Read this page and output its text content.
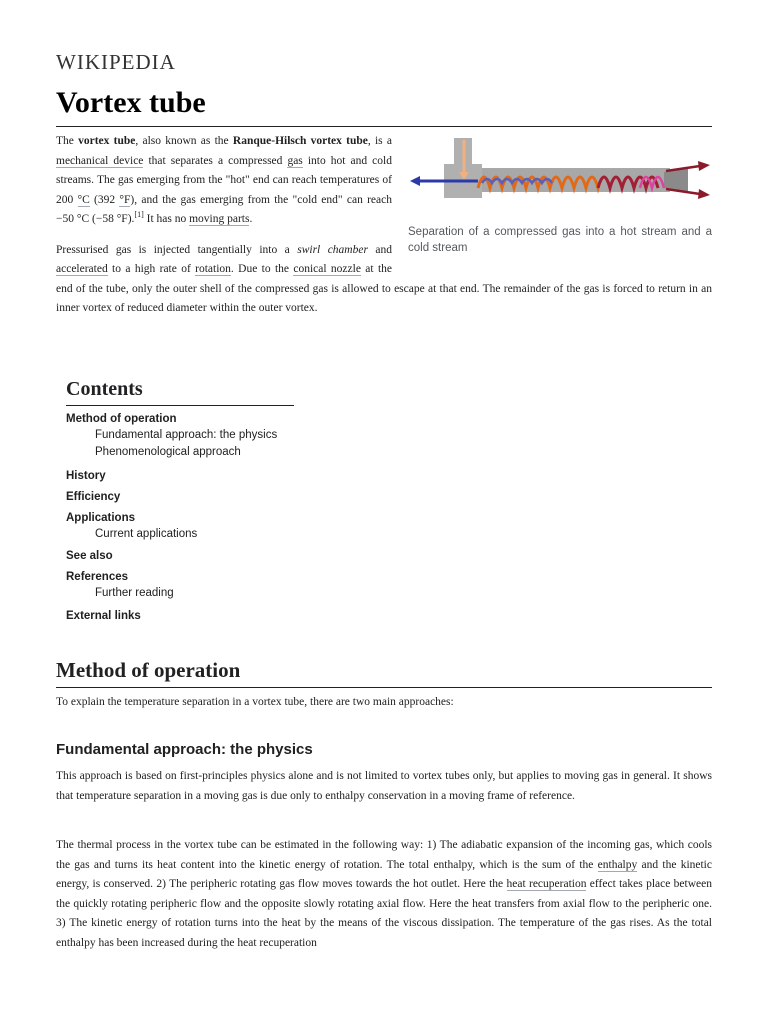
WIKIPEDIA
Vortex tube
Separation of a compressed gas into a hot stream and a cold stream

The vortex tube, also known as the Ranque-Hilsch vortex tube, is a mechanical device that separates a compressed gas into hot and cold streams. The gas emerging from the "hot" end can reach temperatures of 200 °C (392 °F), and the gas emerging from the "cold end" can reach −50 °C (−58 °F).[1] It has no moving parts.

Pressurised gas is injected tangentially into a swirl chamber and accelerated to a high rate of rotation. Due to the conical nozzle at the end of the tube, only the outer shell of the compressed gas is allowed to escape at that end. The remainder of the gas is forced to return in an inner vortex of reduced diameter within the outer vortex.

Contents
Method of operation
Fundamental approach: the physics
Phenomenological approach
History
Efficiency
Applications
Current applications
See also
References
Further reading
External links
Method of operation

To explain the temperature separation in a vortex tube, there are two main approaches:

Fundamental approach: the physics

This approach is based on first-principles physics alone and is not limited to vortex tubes only, but applies to moving gas in general. It shows that temperature separation in a moving gas is due only to enthalpy conservation in a moving frame of reference.

The thermal process in the vortex tube can be estimated in the following way: 1) The adiabatic expansion of the incoming gas, which cools the gas and turns its heat content into the kinetic energy of rotation. The total enthalpy, which is the sum of the enthalpy and the kinetic energy, is conserved. 2) The peripheric rotating gas flow moves towards the hot outlet. Here the heat recuperation effect takes place between the quickly rotating peripheric flow and the opposite slowly rotating axial flow. Here the heat transfers from axial flow to the peripheric one. 3) The kinetic energy of rotation turns into the heat by the means of the viscous dissipation. The temperature of the gas rises. As the total enthalpy has been increased during the heat recuperation
